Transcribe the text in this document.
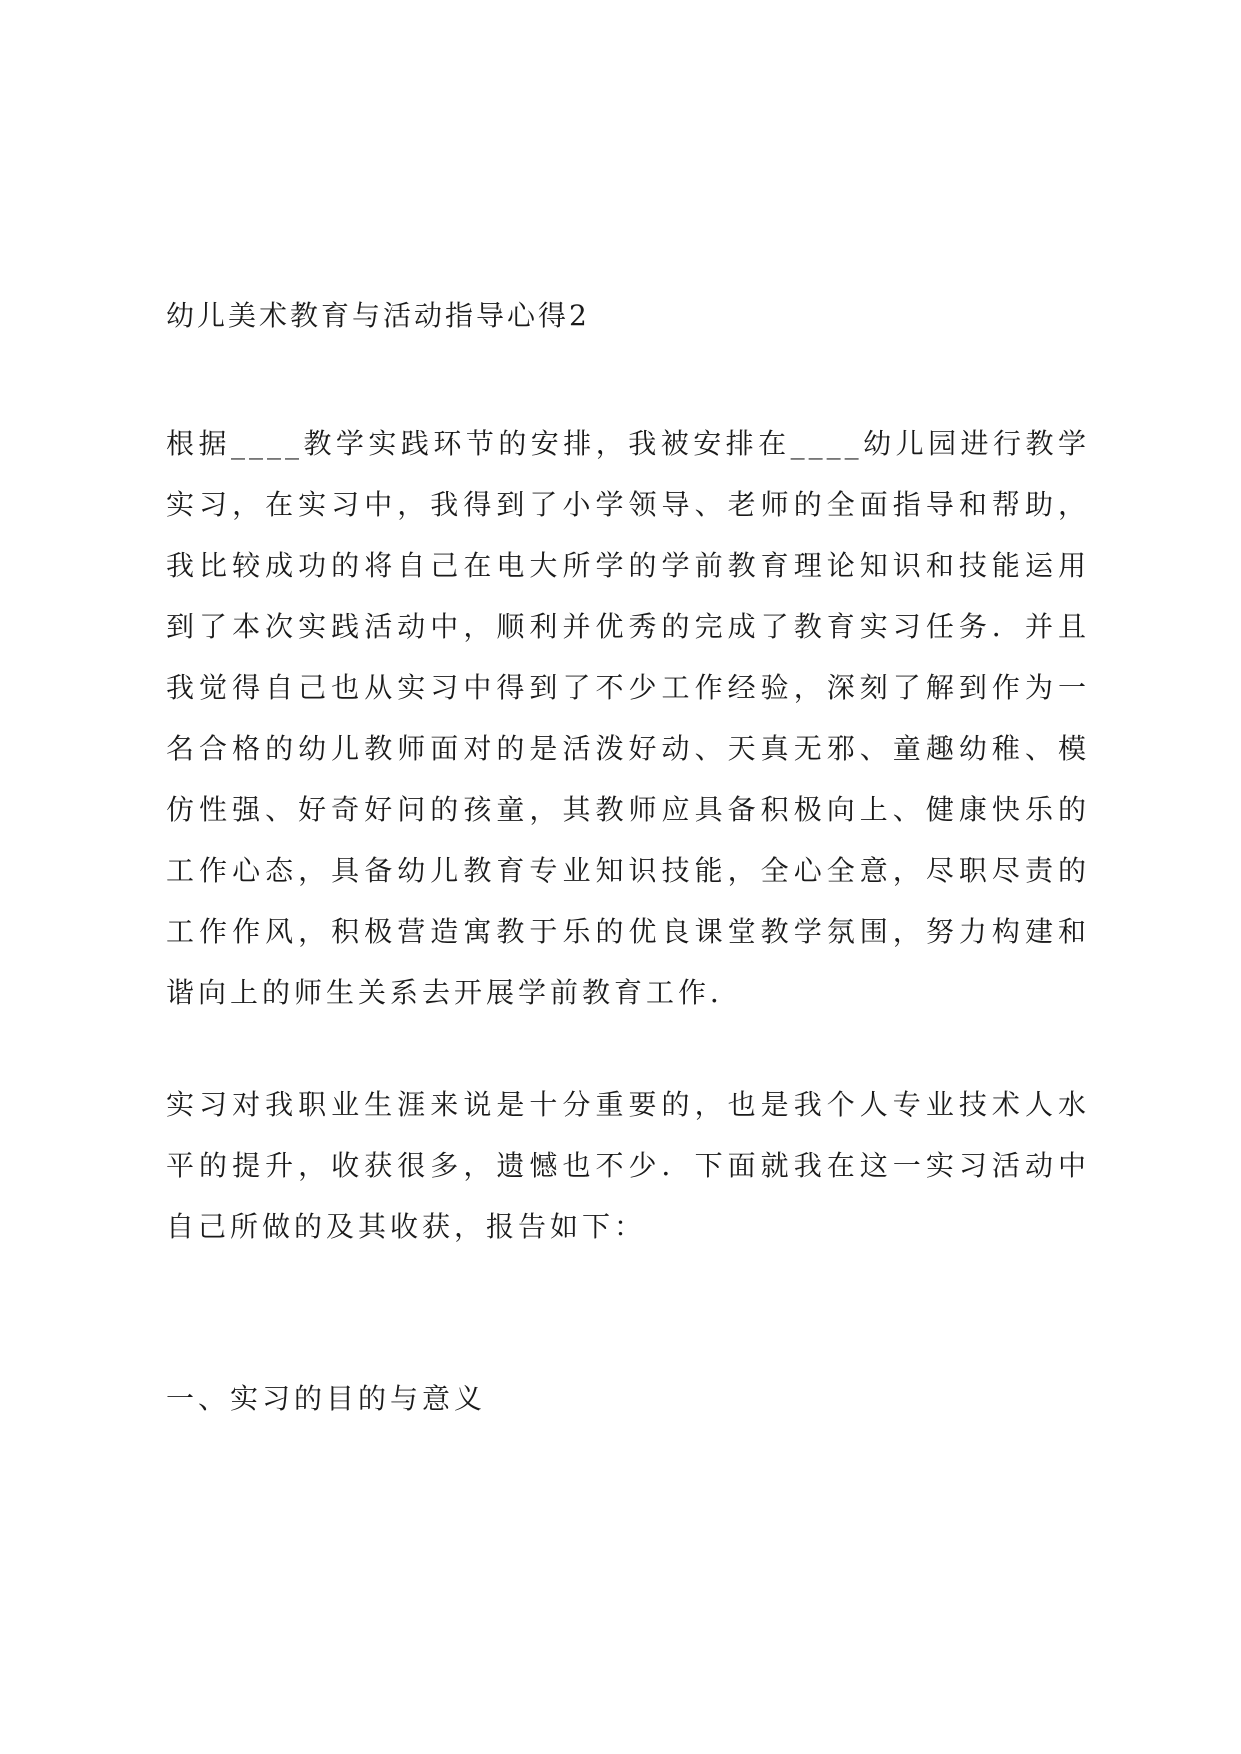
幼儿美术教育与活动指导心得2
根据____教学实践环节的安排，我被安排在____幼儿园进行教学
实习，在实习中，我得到了小学领导、老师的全面指导和帮助，
我比较成功的将自己在电大所学的学前教育理论知识和技能运用
到了本次实践活动中，顺利并优秀的完成了教育实习任务．并且
我觉得自己也从实习中得到了不少工作经验，深刻了解到作为一
名合格的幼儿教师面对的是活泼好动、天真无邪、童趣幼稚、模
仿性强、好奇好问的孩童，其教师应具备积极向上、健康快乐的
工作心态，具备幼儿教育专业知识技能，全心全意，尽职尽责的
工作作风，积极营造寓教于乐的优良课堂教学氛围，努力构建和
谐向上的师生关系去开展学前教育工作．
实习对我职业生涯来说是十分重要的，也是我个人专业技术人水
平的提升，收获很多，遗憾也不少．下面就我在这一实习活动中
自己所做的及其收获，报告如下：
一、实习的目的与意义
